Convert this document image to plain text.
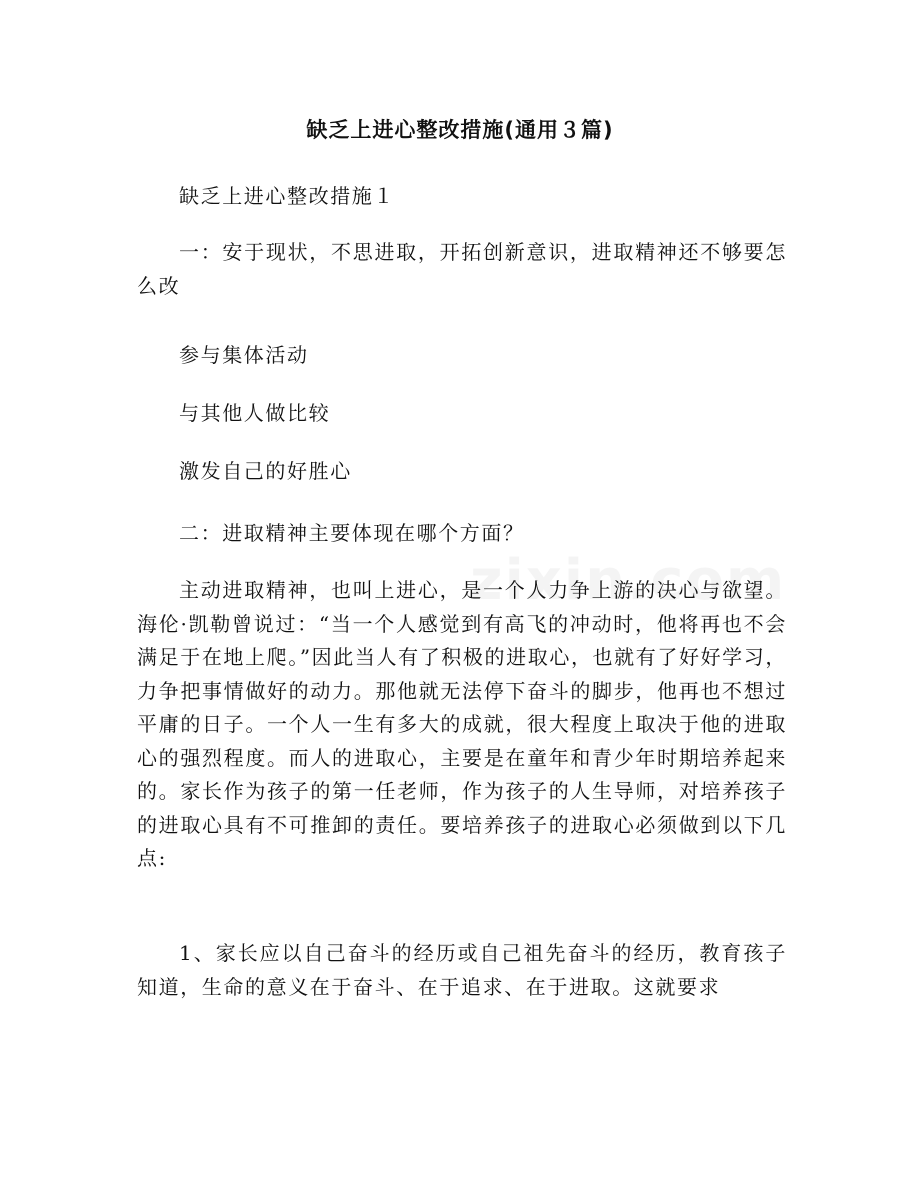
缺乏上进心整改措施(通用３篇)

缺乏上进心整改措施１

一：安于现状，不思进取，开拓创新意识，进取精神还不够要怎么改

参与集体活动

与其他人做比较

激发自己的好胜心

二：进取精神主要体现在哪个方面？

主动进取精神，也叫上进心，是一个人力争上游的决心与欲望。海伦·凯勒曾说过：“当一个人感觉到有高飞的冲动时，他将再也不会满足于在地上爬。”因此当人有了积极的进取心，也就有了好好学习，力争把事情做好的动力。那他就无法停下奋斗的脚步，他再也不想过平庸的日子。一个人一生有多大的成就，很大程度上取决于他的进取心的强烈程度。而人的进取心，主要是在童年和青少年时期培养起来的。家长作为孩子的第一任老师，作为孩子的人生导师，对培养孩子的进取心具有不可推卸的责任。要培养孩子的进取心必须做到以下几点:

1、家长应以自己奋斗的经历或自己祖先奋斗的经历，教育孩子知道，生命的意义在于奋斗、在于追求、在于进取。这就要求
